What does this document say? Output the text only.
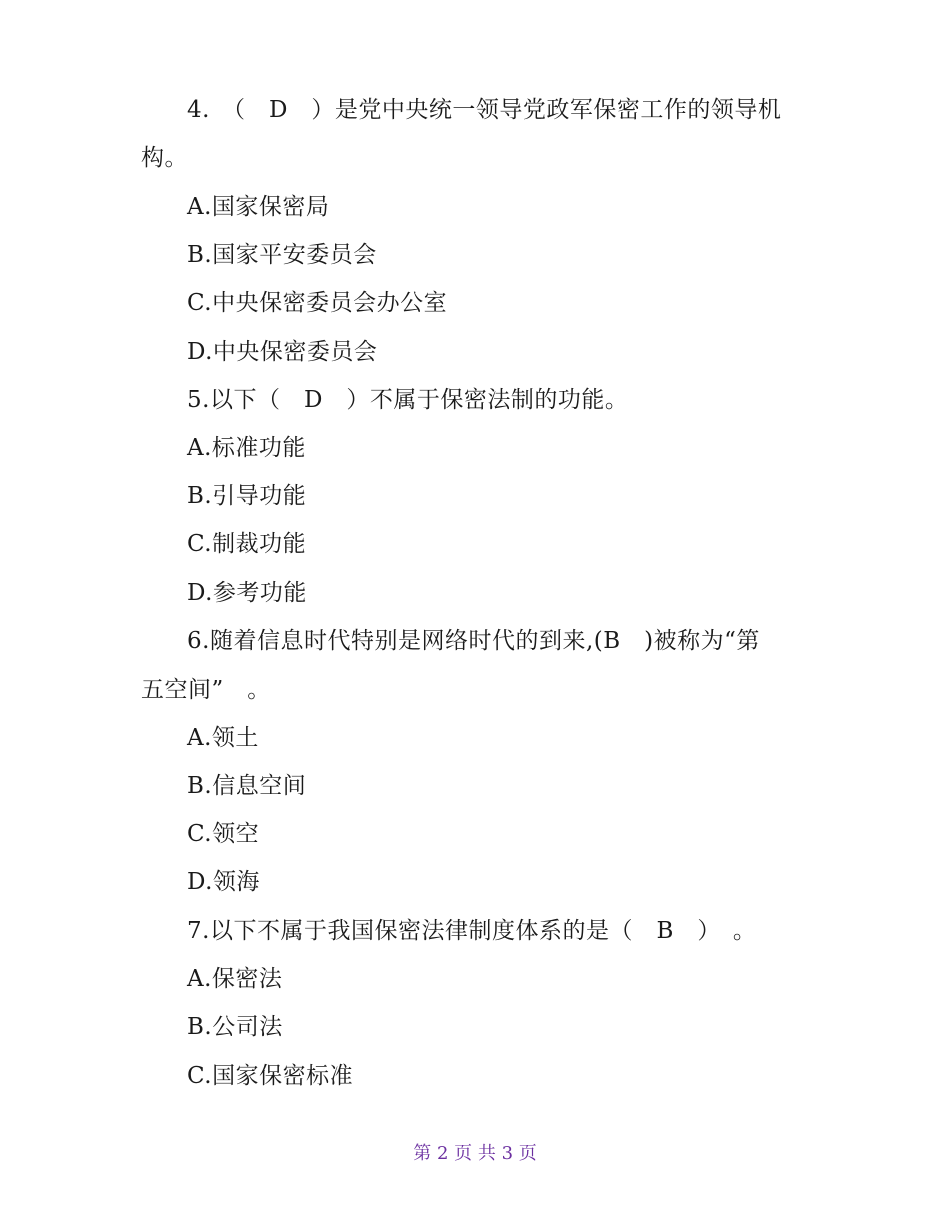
4.　（　D　）是党中央统一领导党政军保密工作的领导机
构。
A.国家保密局
B.国家平安委员会
C.中央保密委员会办公室
D.中央保密委员会
5.以下（　D　）不属于保密法制的功能。
A.标准功能
B.引导功能
C.制裁功能
D.参考功能
6.随着信息时代特别是网络时代的到来,(B　)被称为“第
五空间”　。
A.领土
B.信息空间
C.领空
D.领海
7.以下不属于我国保密法律制度体系的是（　B　）　。
A.保密法
B.公司法
C.国家保密标准
第 2 页 共 3 页
